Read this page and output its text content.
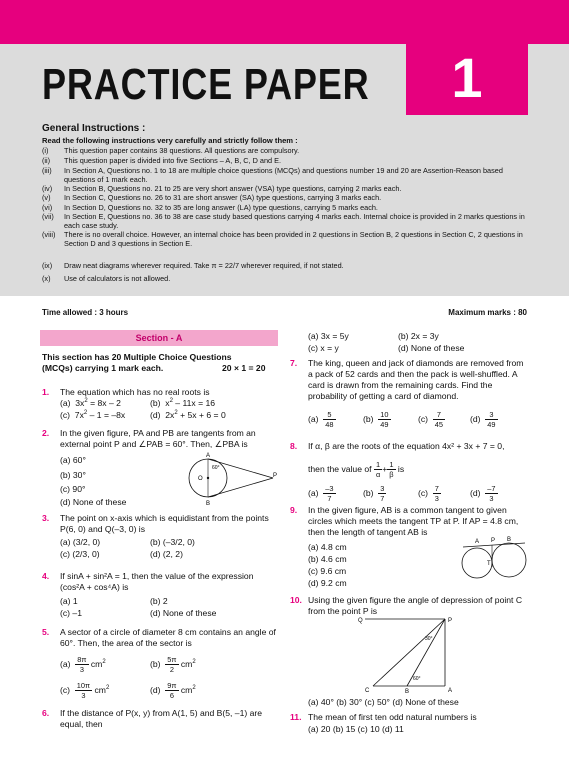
PRACTICE PAPER	1
General Instructions :
Read the following instructions very carefully and strictly follow them :
(i)	This question paper contains 38 questions. All questions are compulsory.
(ii)	This question paper is divided into five Sections – A, B, C, D and E.
(iii)	In Section A, Questions no. 1 to 18 are multiple choice questions (MCQs) and questions number 19 and 20 are Assertion-Reason based questions of 1 mark each.
(iv)	In Section B, Questions no. 21 to 25 are very short answer (VSA) type questions, carrying 2 marks each.
(v)	In Section C, Questions no. 26 to 31 are short answer (SA) type questions, carrying 3 marks each.
(vi)	In Section D, Questions no. 32 to 35 are long answer (LA) type questions, carrying 5 marks each.
(vii)	In Section E, Questions no. 36 to 38 are case study based questions carrying 4 marks each. Internal choice is provided in 2 marks questions in each case study.
(viii)	There is no overall choice. However, an internal choice has been provided in 2 questions in Section B, 2 questions in Section C, 2 questions in Section D and 3 questions in Section E.
(ix)	Draw neat diagrams wherever required. Take π = 22/7 wherever required, if not stated.
(x)	Use of calculators is not allowed.
Time allowed : 3 hours	Maximum marks : 80
Section - A
This section has 20 Multiple Choice Questions (MCQs) carrying 1 mark each.	20 × 1 = 20
1. The equation which has no real roots is
(a)  $3x^2 = 8x - 2$	(b)  $x^2 - 11x = 16$
(c)  $7x^2 - 1 = -8x$	(d)  $2x^2 + 5x + 6 = 0$
2. In the given figure, PA and PB are tangents from an external point P and ∠PAB = 60°. Then, ∠PBA is
(a) 60°
(b) 30°
(c) 90°
(d) None of these
A
B
O	P
60°
3. The point on x-axis which is equidistant from the points P(6, 0) and Q(–3, 0) is
(a) (3/2, 0)	(b) (–3/2, 0)
(c) (2/3, 0)	(d) (2, 2)
4. If sinA + sin²A = 1, then the value of the expression (cos²A + cos⁴A) is
(a) 1	(b) 2
(c) –1	(d) None of these
5. A sector of a circle of diameter 8 cm contains an angle of 60°. Then, the area of the sector is
$(a) \frac{8\pi}{3} cm^2$	$(b) \frac{5\pi}{2} cm^2$
$(c) \frac{10\pi}{3} cm^2$	$(d) \frac{9\pi}{6} cm^2$
6. If the distance of P(x, y) from A(1, 5) and B(5, –1) are equal, then
(a) 3x = 5y	(b) 2x = 3y
(c) x = y	(d) None of these
7. The king, queen and jack of diamonds are removed from a pack of 52 cards and then the pack is well-shuffled. A card is drawn from the remaining cards. Find the probability of getting a card of diamond.
$(a) \frac{5}{48}$	$(b) \frac{10}{49}$	$(c) \frac{7}{45}$	$(d) \frac{3}{49}$
8. If α, β are the roots of the equation 4x² + 3x + 7 = 0,
then the value of $\frac{1}{\alpha} + \frac{1}{\beta}$ is
$(a) \frac{-3}{7}$	$(b) \frac{3}{7}$	$(c) \frac{7}{3}$	$(d) \frac{-7}{3}$
9. In the given figure, AB is a common tangent to given circles which meets the tangent TP at P. If AP = 4.8 cm, then the length of tangent AB is
(a) 4.8 cm
(b) 4.6 cm
(c) 9.6 cm
(d) 9.2 cm
A P B
T
10. Using the given figure the angle of depression of point C from the point P is
Q	P
C	B	A
30°
60°
(a) 40° (b) 30° (c) 50° (d) None of these
11. The mean of first ten odd natural numbers is
(a) 20 (b) 15 (c) 10 (d) 11
